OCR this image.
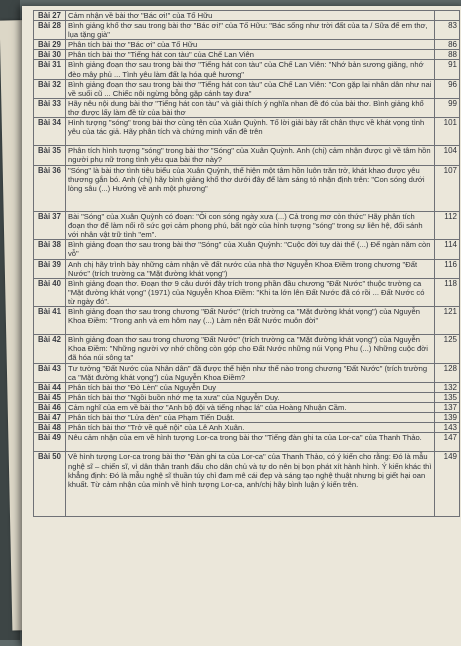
Bài 27	Cảm nhận về bài thơ "Bác ơi!" của Tố Hữu	
Bài 28	Bình giảng khổ thơ sau trong bài thơ "Bác ơi!" của Tố Hữu: "Bác sống như trời đất của ta / Sữa để em thơ, lụa tặng già"	83
Bài 29	Phân tích bài thơ "Bác ơi" của Tố Hữu	86
Bài 30	Phân tích bài thơ "Tiếng hát con tàu" của Chế Lan Viên	88
Bài 31	Bình giảng đoạn thơ sau trong bài thơ "Tiếng hát con tàu" của Chế Lan Viên: "Nhớ bản sương giăng, nhớ đèo mây phủ ... Tình yêu làm đất lạ hóa quê hương"	91
Bài 32	Bình giảng đoạn thơ sau trong bài thơ "Tiếng hát con tàu" của Chế Lan Viên: "Con gặp lại nhân dân như nai về suối cũ ... Chiếc nôi ngừng bỗng gặp cánh tay đưa"	96
Bài 33	Hãy nêu nội dung bài thơ "Tiếng hát con tàu" và giải thích ý nghĩa nhan đề đó của bài thơ. Bình giảng khổ thơ được lấy làm đề từ của bài thơ	99
Bài 34	Hình tượng "sóng" trong bài thơ cùng tên của Xuân Quỳnh. Tố lời giải bày rất chân thực về khát vọng tình yêu của tác giả. Hãy phân tích và chứng minh vấn đề trên	101
Bài 35	Phân tích hình tượng "sóng" trong bài thơ "Sóng" của Xuân Quỳnh. Anh (chị) cảm nhận được gì về tâm hồn người phụ nữ trong tình yêu qua bài thơ này?	104
Bài 36	"Sóng" là bài thơ tình tiêu biểu của Xuân Quỳnh, thể hiện một tâm hồn luôn trăn trở, khát khao được yêu thương gắn bó. Anh (chị) hãy bình giảng khổ thơ dưới đây để làm sáng tỏ nhận định trên: "Con sóng dưới lòng sâu (...) Hướng về anh một phương"	107
Bài 37	Bài "Sóng" của Xuân Quỳnh có đoạn: "Ôi con sóng ngày xưa (...) Cả trong mơ còn thức" Hãy phân tích đoạn thơ để làm nổi rõ sức gợi cảm phong phú, bất ngờ của hình tượng "sóng" trong sự liên hệ, đối sánh với nhân vật trữ tình "em".	112
Bài 38	Bình giảng đoạn thơ sau trong bài thơ "Sóng" của Xuân Quỳnh: "Cuộc đời tuy dài thế (...) Để ngàn năm còn vỗ"	114
Bài 39	Anh chị hãy trình bày những cảm nhận về đất nước của nhà thơ Nguyễn Khoa Điềm trong chương "Đất Nước" (trích trường ca "Mặt đường khát vọng")	116
Bài 40	Bình giảng đoạn thơ. Đoạn thơ 9 câu dưới đây trích trong phần đầu chương "Đất Nước" thuộc trường ca "Mặt đường khát vọng" (1971) của Nguyễn Khoa Điềm: "Khi ta lớn lên Đất Nước đã có rồi ... Đất Nước có từ ngày đó".	118
Bài 41	Bình giảng đoạn thơ sau trong chương "Đất Nước" (trích trường ca "Mặt đường khát vọng") của Nguyễn Khoa Điềm: "Trong anh và em hôm nay (...) Làm nên Đất Nước muôn đời"	121
Bài 42	Bình giảng đoạn thơ sau trong chương "Đất Nước" (trích trường ca "Mặt đường khát vọng") của Nguyễn Khoa Điềm: "Những người vợ nhớ chồng còn góp cho Đất Nước những núi Vọng Phu (...) Những cuộc đời đã hóa núi sông ta"	125
Bài 43	Tư tưởng "Đất Nước của Nhân dân" đã được thể hiện như thế nào trong chương "Đất Nước" (trích trường ca "Mặt đường khát vọng") của Nguyễn Khoa Điềm?	128
Bài 44	Phân tích bài thơ "Đò Lèn" của Nguyễn Duy	132
Bài 45	Phân tích bài thơ "Ngồi buồn nhớ mẹ ta xưa" của Nguyễn Duy.	135
Bài 46	Cảm nghĩ của em về bài thơ "Anh bộ đội và tiếng nhạc lá" của Hoàng Nhuận Cầm.	137
Bài 47	Phân tích bài thơ "Lửa đèn" của Phạm Tiến Duật.	139
Bài 48	Phân tích bài thơ "Trở về quê nội" của Lê Anh Xuân.	143
Bài 49	Nêu cảm nhận của em về hình tượng Lor-ca trong bài thơ "Tiếng đàn ghi ta của Lor-ca" của Thanh Thảo.	147
Bài 50	Về hình tượng Lor-ca trong bài thơ "Đàn ghi ta của Lor-ca" của Thanh Thảo, có ý kiến cho rằng: Đó là mẫu nghệ sĩ – chiến sĩ, vì dân thân tranh đấu cho dân chủ và tự do nên bị bọn phát xít hành hình. Ý kiến khác thì khẳng định: Đó là mẫu nghệ sĩ thuần túy chỉ đam mê cái đẹp và sáng tạo nghệ thuật nhưng bị giết hại oan khuất. Từ cảm nhận của mình về hình tượng Lor-ca, anh/chị hãy bình luận ý kiến trên.	149
